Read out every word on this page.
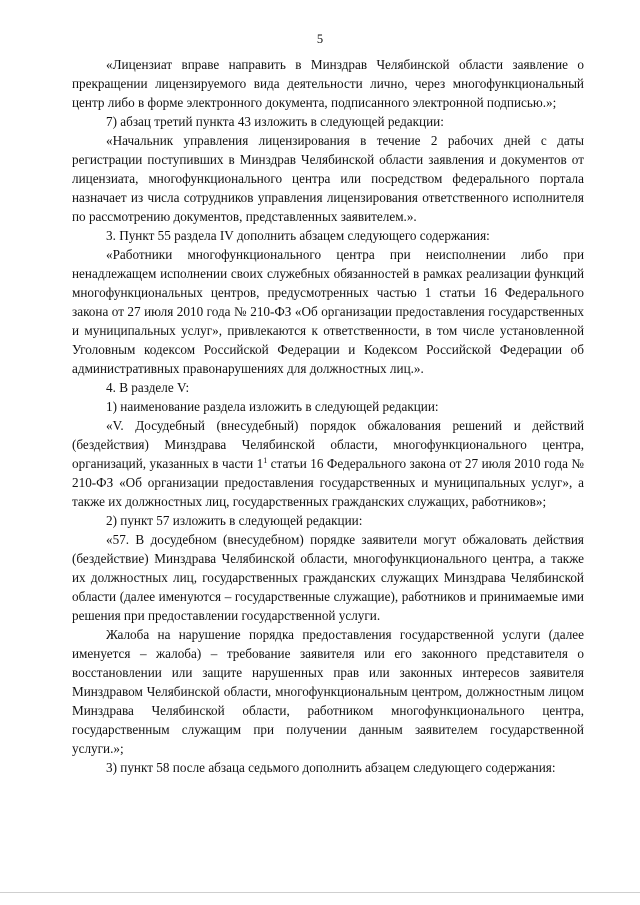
5

«Лицензиат вправе направить в Минздрав Челябинской области заявление о прекращении лицензируемого вида деятельности лично, через многофункциональный центр либо в форме электронного документа, подписанного электронной подписью.»;

7) абзац третий пункта 43 изложить в следующей редакции:

«Начальник управления лицензирования в течение 2 рабочих дней с даты регистрации поступивших в Минздрав Челябинской области заявления и документов от лицензиата, многофункционального центра или посредством федерального портала назначает из числа сотрудников управления лицензирования ответственного исполнителя по рассмотрению документов, представленных заявителем.».

3. Пункт 55 раздела IV дополнить абзацем следующего содержания:

«Работники многофункционального центра при неисполнении либо при ненадлежащем исполнении своих служебных обязанностей в рамках реализации функций многофункциональных центров, предусмотренных частью 1 статьи 16 Федерального закона от 27 июля 2010 года № 210-ФЗ «Об организации предоставления государственных и муниципальных услуг», привлекаются к ответственности, в том числе установленной Уголовным кодексом Российской Федерации и Кодексом Российской Федерации об административных правонарушениях для должностных лиц.».

4. В разделе V:

1) наименование раздела изложить в следующей редакции:

«V. Досудебный (внесудебный) порядок обжалования решений и действий (бездействия) Минздрава Челябинской области, многофункционального центра, организаций, указанных в части $1^1$ статьи 16 Федерального закона от 27 июля 2010 года № 210-ФЗ «Об организации предоставления государственных и муниципальных услуг», а также их должностных лиц, государственных гражданских служащих, работников»;

2) пункт 57 изложить в следующей редакции:

«57. В досудебном (внесудебном) порядке заявители могут обжаловать действия (бездействие) Минздрава Челябинской области, многофункционального центра, а также их должностных лиц, государственных гражданских служащих Минздрава Челябинской области (далее именуются – государственные служащие), работников и принимаемые ими решения при предоставлении государственной услуги.

Жалоба на нарушение порядка предоставления государственной услуги (далее именуется – жалоба) – требование заявителя или его законного представителя о восстановлении или защите нарушенных прав или законных интересов заявителя Минздравом Челябинской области, многофункциональным центром, должностным лицом Минздрава Челябинской области, работником многофункционального центра, государственным служащим при получении данным заявителем государственной услуги.»;

3) пункт 58 после абзаца седьмого дополнить абзацем следующего содержания:
